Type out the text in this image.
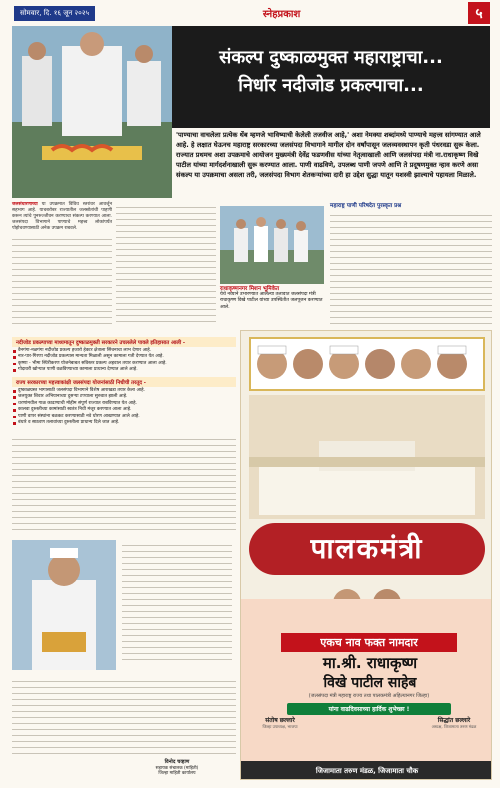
सोमवार, दि. १६ जून २०२५	स्नेहप्रकाश	५
संकल्प दुष्काळमुक्त महाराष्ट्राचा...
निर्धार नदीजोड प्रकल्पाचा...
'पाण्याचा वाचलेला प्रत्येक थेंब म्हणजे भाविष्याची केलेली तजवीज आहे,' अशा नेमक्या शब्दांमध्ये पाण्याचे महत्त्व सांगण्यात आले आहे. हे लक्षात घेऊनच महाराष्ट्र सरकारच्या जलसंपदा विभागाने मागील दोन वर्षांपासून जलव्यवस्थापन कृती पंधरवडा सुरू केला. राज्यात प्रथमच अशा उपक्रमाचे आयोजन मुख्यमंत्री देवेंद्र फडणवीस यांच्या नेतृत्वाखाली आणि जलसंपदा मंत्री ना.राधाकृष्ण विखे पाटील यांच्या मार्गदर्शनाखाली सुरू करण्यात आला. पाणी वाढविणे, उपलब्ध पाणी जपणे आणि ते प्रदूषणमुक्त न्हाव करणे असा संकल्प या उपक्रमाचा असला तरी, जलसंपदा विभाग शेतकऱ्यांच्या दारी हा उद्देश सुद्धा यातून यशस्वी झाल्याचे पहायला मिळाले.
जलसंधारणाच्या या उपक्रमात विविध स्तरांवर आवर्जून सहभाग आहे. याचबरोबर राज्यातील जलस्रोतांची पाहणी करून त्यांचे पुनरुज्जीवन करण्याचा संकल्प करण्यात आला. जलसंपदा विभागाने पाण्याचे महत्त्व लोकांपर्यंत पोहोचवण्यासाठी अनेक उपक्रम राबवले.
राधाकृष्णनगर मिशन भूमिकेत
येथे नव्याने उभारण्यात आलेल्या तलावात जलसंपदा मंत्री राधाकृष्ण विखे पाटील यांच्या उपस्थितीत जलपूजन करण्यात आले.
महाराष्ट्र पाणी परिषदेत पुरस्कृत प्रश्न
नदीजोड प्रकल्पाच्या माध्यमातून दुष्काळमुक्ती सरकारने उचललेले पावले इतिहासात आली -
वैनगंगा-नळगंगा नदीजोड प्रकल्प हजारो हेक्टर क्षेत्राला सिंचनाचा लाभ देणार आहे.
नार-पार-गिरणा नदीजोड प्रकल्पास मान्यता मिळाली असून कामाला गती देण्यात येत आहे.
कृष्णा - भीमा स्थिरीकरण योजनेबाबत सविस्तर प्रकल्प अहवाल तयार करण्यात आला आहे.
गोदावरी खोऱ्यात पाणी वळविण्याच्या कामाला प्राधान्य देण्यात आले आहे.
राज्य सरकारच्या महत्त्वाकांक्षी जलसंपदा योजनांसाठी निधीची तरतूद -
दुष्काळग्रस्त भागासाठी जलसंपदा विभागाने विशेष आराखडा तयार केला आहे.
जलयुक्त शिवार अभियानाच्या दुसऱ्या टप्प्याला सुरुवात झाली आहे.
धरणांमधील गाळ काढण्याची मोहीम संपूर्ण राज्यात राबविण्यात येत आहे.
कालवा दुरुस्तीच्या कामांसाठी स्वतंत्र निधी मंजूर करण्यात आला आहे.
पाणी वापर संस्थांना बळकट करण्यासाठी नवे धोरण आखण्यात आले आहे.
बंधारे व साठवण तलावांच्या दुरुस्तीला प्राधान्य दिले जात आहे.
विनोद चव्हाण
सहायक संचालक (माहिती)
जिल्हा माहिती कार्यालय
पालकमंत्री
एकच नाव फक्त नामदार
मा.श्री. राधाकृष्ण
विखे पाटील साहेब
(जलसंपदा मंत्री महाराष्ट्र राज्य तथा पालकमंत्री अहिल्यानगर जिल्हा)
यांना वाढदिवसाच्या हार्दिक शुभेच्छा !
संतोष छल्लारे
जिल्हा उपाध्यक्ष, भाजपा
सिद्धांत छल्लारे
अध्यक्ष, जिजामाता तरुण मंडळ
जिजामाता तरुण मंडळ, जिजामाता चौक
